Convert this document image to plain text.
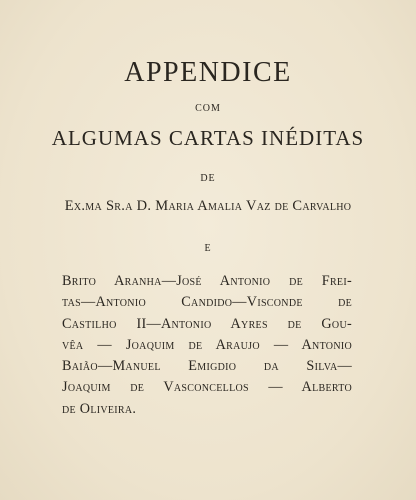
APPENDICE
COM
ALGUMAS CARTAS INÉDITAS
DE
Ex.ma Sr.a D. Maria Amalia Vaz de Carvalho
E
Brito Aranha—José Antonio de Frei-
tas—Antonio Candido—Visconde de
Castilho II—Antonio Ayres de Gou-
vêa — Joaquim de Araujo — Antonio
Baião—Manuel Emigdio da Silva—
Joaquim de Vasconcellos — Alberto
de Oliveira.
